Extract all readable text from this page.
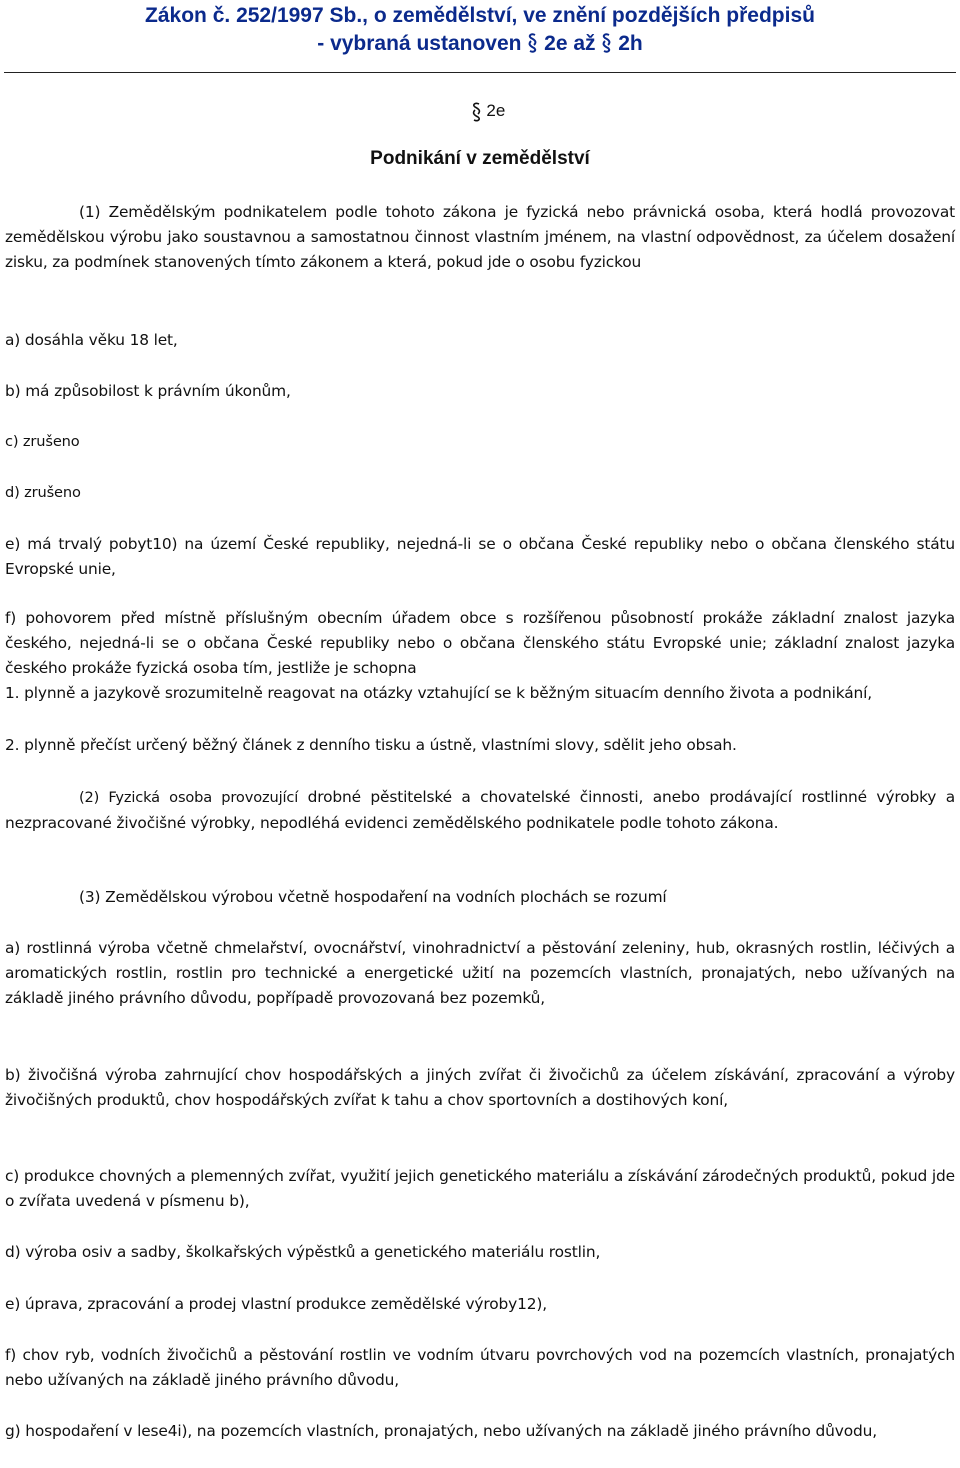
Zákon č. 252/1997 Sb., o zemědělství, ve znění pozdějších předpisů
- vybraná ustanoven 2e až 2h
2e
Podnikání v zemědělství

(1) Zemědělským podnikatelem podle tohoto zákona je fyzická nebo právnická osoba, která hodlá provozovat zemědělskou výrobu jako soustavnou a samostatnou činnost vlastním jménem, na vlastní odpovědnost, za účelem dosažení zisku, za podmínek stanovených tímto zákonem a která, pokud jde o osobu fyzickou

a) dosáhla věku 18 let,

b) má způsobilost k právním úkonům,

c) zrušeno

d) zrušeno

e) má trvalý pobyt10) na území České republiky, nejedná-li se o občana České republiky nebo o občana členského státu Evropské unie,

f) pohovorem před místně příslušným obecním úřadem obce s rozšířenou působností prokáže základní znalost jazyka českého, nejedná-li se o občana České republiky nebo o občana členského státu Evropské unie; základní znalost jazyka českého prokáže fyzická osoba tím, jestliže je schopna

1. plynně a jazykově srozumitelně reagovat na otázky vztahující se k běžným situacím denního života a podnikání,

2. plynně přečíst určený běžný článek z denního tisku a ústně, vlastními slovy, sdělit jeho obsah.

(2) Fyzická osoba provozující drobné pěstitelské a chovatelské činnosti, anebo prodávající rostlinné výrobky a nezpracované živočišné výrobky, nepodléhá evidenci zemědělského podnikatele podle tohoto zákona.

(3) Zemědělskou výrobou včetně hospodaření na vodních plochách se rozumí

a) rostlinná výroba včetně chmelařství, ovocnářství, vinohradnictví a pěstování zeleniny, hub, okrasných rostlin, léčivých a aromatických rostlin, rostlin pro technické a energetické užití na pozemcích vlastních, pronajatých, nebo užívaných na základě jiného právního důvodu, popřípadě provozovaná bez pozemků,

b) živočišná výroba zahrnující chov hospodářských a jiných zvířat či živočichů za účelem získávání, zpracování a výroby živočišných produktů, chov hospodářských zvířat k tahu a chov sportovních a dostihových koní,

c) produkce chovných a plemenných zvířat, využití jejich genetického materiálu a získávání zárodečných produktů, pokud jde o zvířata uvedená v písmenu b),

d) výroba osiv a sadby, školkařských výpěstků a genetického materiálu rostlin,

e) úprava, zpracování a prodej vlastní produkce zemědělské výroby12),

f) chov ryb, vodních živočichů a pěstování rostlin ve vodním útvaru povrchových vod na pozemcích vlastních, pronajatých nebo užívaných na základě jiného právního důvodu,

g) hospodaření v lese4i), na pozemcích vlastních, pronajatých, nebo užívaných na základě jiného právního důvodu,
